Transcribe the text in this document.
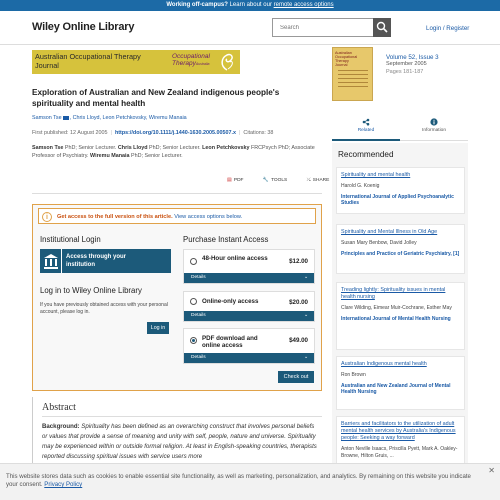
Working off-campus? Learn about our remote access options
Wiley Online Library
Search	Login / Register
Australian Occupational Therapy
Journal
Occupational
TherapyAustralia
Exploration of Australian and New Zealand indigenous people's spirituality and mental health
Samson Tse , Chris Lloyd, Leon Petchkovsky, Wiremu Manaia
First published: 12 August 2005 | https://doi.org/10.1111/j.1440-1630.2005.00507.x | Citations: 38
Samson Tse PhD; Senior Lecturer. Chris Lloyd PhD; Senior Lecturer. Leon Petchkovsky FRCPsych PhD; Associate Professor of Psychiatry. Wiremu Manaia PhD; Senior Lecturer.
▤ PDF	🔧 TOOLS	⤯ SHARE
i	Get access to the full version of this article. View access options below.
Institutional Login
Access through your
institution
Log in to Wiley Online Library
If you have previously obtained access with your personal account, please log in.
Log in
Purchase Instant Access
48-Hour online access	$12.00
Details	⌄
Online-only access	$20.00
Details	⌄
PDF download and online access
$49.00
Details	⌄
Check out
Abstract

Background: Spirituality has been defined as an overarching construct that involves personal beliefs or values that provide a sense of meaning and unity with self, people, nature and universe. Spirituality may be experienced within or outside formal religion. At least in English-speaking countries, therapists reported discussing spiritual issues with service users more

Australian
Occupational
Therapy
Journal
Volume 52, Issue 3
September 2005
Pages 181-187
Related	Information
Recommended
Spirituality and mental health
Harold G. Koenig
International Journal of Applied Psychoanalytic Studies
Spirituality and Mental Illness in Old Age
Susan Mary Benbow, David Jolley
Principles and Practice of Geriatric Psychiatry, [1]
Treading lightly: Spirituality issues in mental health nursing
Clare Wilding, Eimear Muir-Cochrane, Esther May
International Journal of Mental Health Nursing
Australian Indigenous mental health
Ron Brown
Australian and New Zealand Journal of Mental Health Nursing
Barriers and facilitators to the utilization of adult mental health services by Australia's Indigenous people: Seeking a way forward
Anton Neville Isaacs, Priscilla Pyett, Mark A. Oakley-Browne, Hilton Gruis, ...

This website stores data such as cookies to enable essential site functionality, as well as marketing, personalization, and analytics. By remaining on this website you indicate your consent. Privacy Policy

✕
